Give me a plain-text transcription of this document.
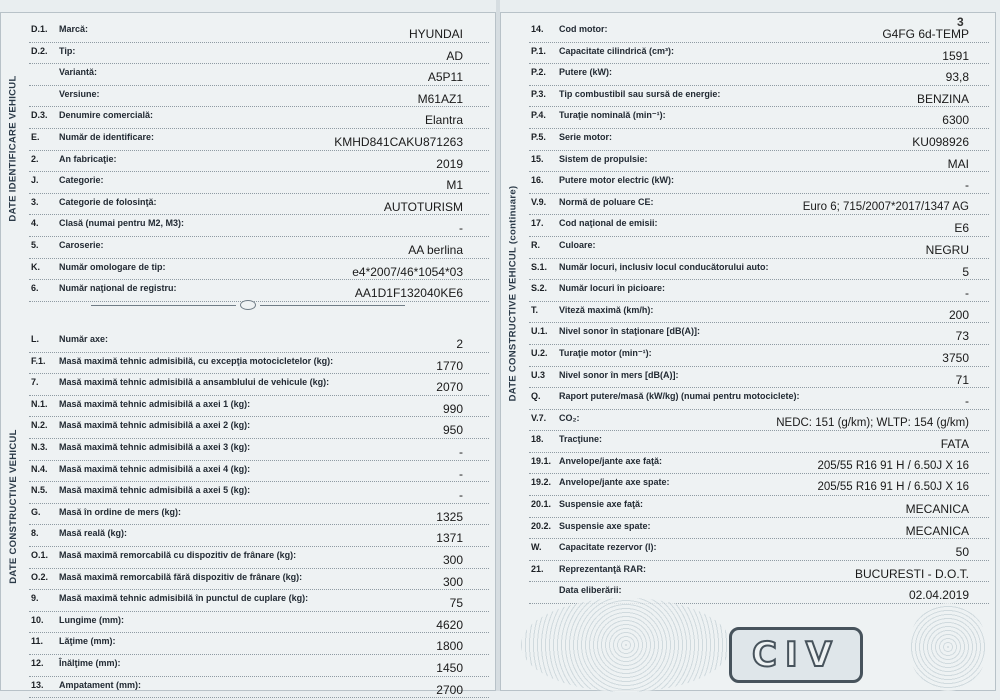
DATE IDENTIFICARE VEHICUL
D.1.	Marcă:	HYUNDAI
D.2.	Tip:	AD
Variantă:	A5P11
Versiune:	M61AZ1
D.3.	Denumire comercială:	Elantra
E.	Număr de identificare:	KMHD841CAKU871263
2.	An fabricaţie:	2019
J.	Categorie:	M1
3.	Categorie de folosinţă:	AUTOTURISM
4.	Clasă (numai pentru M2, M3):	-
5.	Caroserie:	AA berlina
K.	Număr omologare de tip:	e4*2007/46*1054*03
6.	Număr naţional de registru:	AA1D1F132040KE6
DATE CONSTRUCTIVE VEHICUL
L.	Număr axe:	2
F.1.	Masă maximă tehnic admisibilă, cu excepţia motocicletelor (kg):	1770
7.	Masă maximă tehnic admisibilă a ansamblului de vehicule (kg):	2070
N.1.	Masă maximă tehnic admisibilă a axei 1 (kg):	990
N.2.	Masă maximă tehnic admisibilă a axei 2 (kg):	950
N.3.	Masă maximă tehnic admisibilă a axei 3 (kg):	-
N.4.	Masă maximă tehnic admisibilă a axei 4 (kg):	-
N.5.	Masă maximă tehnic admisibilă a axei 5 (kg):	-
G.	Masă în ordine de mers (kg):	1325
8.	Masă reală (kg):	1371
O.1.	Masă maximă remorcabilă cu dispozitiv de frânare (kg):	300
O.2.	Masă maximă remorcabilă fără dispozitiv de frânare (kg):	300
9.	Masă maximă tehnic admisibilă în punctul de cuplare (kg):	75
10.	Lungime (mm):	4620
11.	Lăţime (mm):	1800
12.	Înălţime (mm):	1450
13.	Ampatament (mm):	2700
3
DATE CONSTRUCTIVE VEHICUL (continuare)
14.	Cod motor:	G4FG 6d-TEMP
P.1.	Capacitate cilindrică (cm³):	1591
P.2.	Putere (kW):	93,8
P.3.	Tip combustibil sau sursă de energie:	BENZINA
P.4.	Turaţie nominală (min⁻¹):	6300
P.5.	Serie motor:	KU098926
15.	Sistem de propulsie:	MAI
16.	Putere motor electric (kW):	-
V.9.	Normă de poluare CE:	Euro 6; 715/2007*2017/1347 AG
17.	Cod naţional de emisii:	E6
R.	Culoare:	NEGRU
S.1.	Număr locuri, inclusiv locul conducătorului auto:	5
S.2.	Număr locuri în picioare:	-
T.	Viteză maximă (km/h):	200
U.1.	Nivel sonor în staţionare [dB(A)]:	73
U.2.	Turaţie motor (min⁻¹):	3750
U.3	Nivel sonor în mers [dB(A)]:	71
Q.	Raport putere/masă (kW/kg) (numai pentru motociclete):	-
V.7.	CO₂:	NEDC: 151 (g/km); WLTP: 154 (g/km)
18.	Tracţiune:	FATA
19.1. Anvelope/jante axe faţă:	205/55 R16 91 H / 6.50J X 16
19.2. Anvelope/jante axe spate:	205/55 R16 91 H / 6.50J X 16
20.1. Suspensie axe faţă:	MECANICA
20.2. Suspensie axe spate:	MECANICA
W.	Capacitate rezervor (l):	50
21.	Reprezentanţă RAR:	BUCURESTI - D.O.T.
Data eliberării:	02.04.2019
CIV
